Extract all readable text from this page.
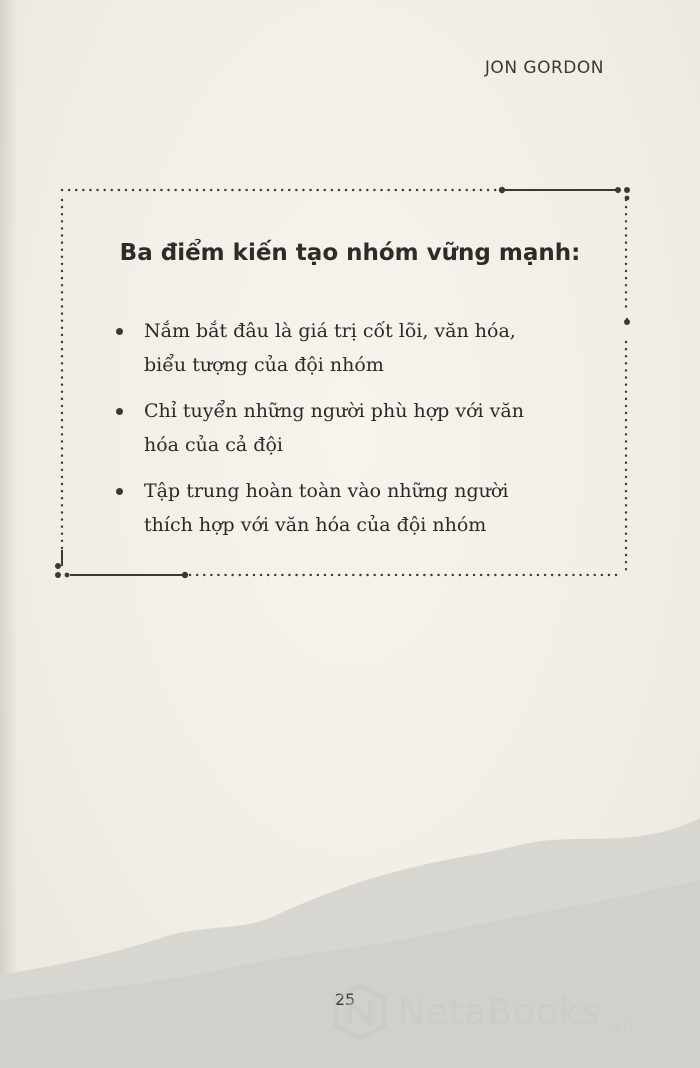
JON GORDON
Ba điểm kiến tạo nhóm vững mạnh:
Nắm bắt đâu là giá trị cốt lõi, văn hóa,
biểu tượng của đội nhóm
Chỉ tuyển những người phù hợp với văn
hóa của cả đội
Tập trung hoàn toàn vào những người
thích hợp với văn hóa của đội nhóm
25	NetaBooks .vn
